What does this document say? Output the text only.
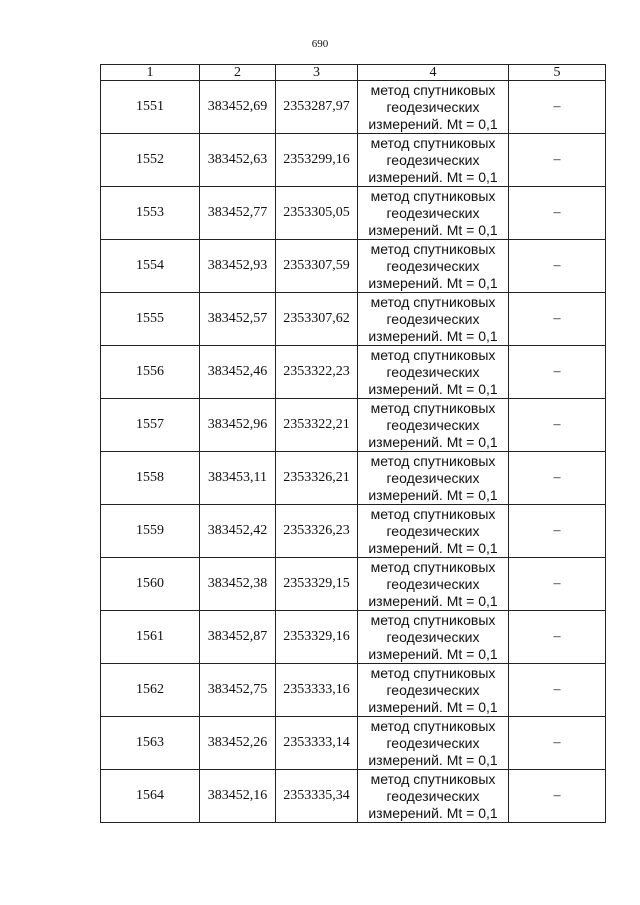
690
1	2	3	4	5
1551	383452,69	2353287,97	метод спутниковых
геодезических
измерений. Mt = 0,1	–
1552	383452,63	2353299,16	метод спутниковых
геодезических
измерений. Mt = 0,1	–
1553	383452,77	2353305,05	метод спутниковых
геодезических
измерений. Mt = 0,1	–
1554	383452,93	2353307,59	метод спутниковых
геодезических
измерений. Mt = 0,1	–
1555	383452,57	2353307,62	метод спутниковых
геодезических
измерений. Mt = 0,1	–
1556	383452,46	2353322,23	метод спутниковых
геодезических
измерений. Mt = 0,1	–
1557	383452,96	2353322,21	метод спутниковых
геодезических
измерений. Mt = 0,1	–
1558	383453,11	2353326,21	метод спутниковых
геодезических
измерений. Mt = 0,1	–
1559	383452,42	2353326,23	метод спутниковых
геодезических
измерений. Mt = 0,1	–
1560	383452,38	2353329,15	метод спутниковых
геодезических
измерений. Mt = 0,1	–
1561	383452,87	2353329,16	метод спутниковых
геодезических
измерений. Mt = 0,1	–
1562	383452,75	2353333,16	метод спутниковых
геодезических
измерений. Mt = 0,1	–
1563	383452,26	2353333,14	метод спутниковых
геодезических
измерений. Mt = 0,1	–
1564	383452,16	2353335,34	метод спутниковых
геодезических
измерений. Mt = 0,1	–
